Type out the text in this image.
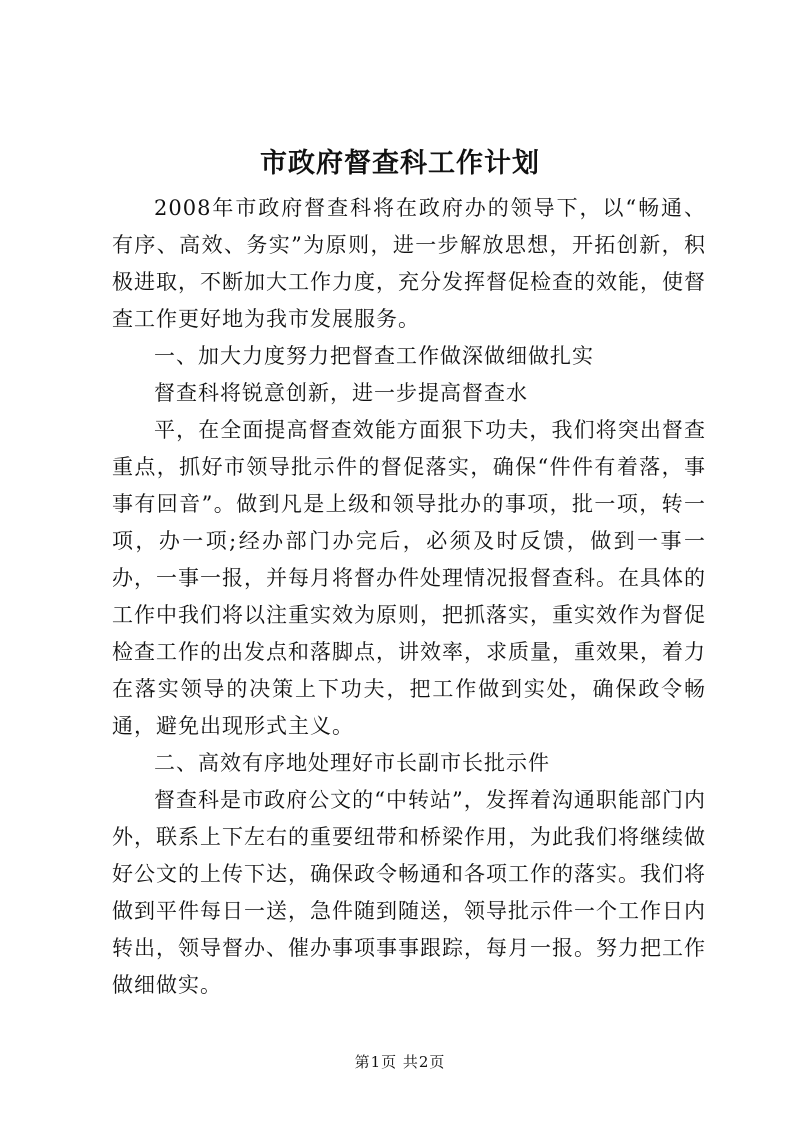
市政府督查科工作计划

2008年市政府督查科将在政府办的领导下，以“畅通、有序、高效、务实”为原则，进一步解放思想，开拓创新，积极进取，不断加大工作力度，充分发挥督促检查的效能，使督查工作更好地为我市发展服务。

一、加大力度努力把督查工作做深做细做扎实

督查科将锐意创新，进一步提高督查水

平，在全面提高督查效能方面狠下功夫，我们将突出督查重点，抓好市领导批示件的督促落实，确保“件件有着落，事事有回音”。做到凡是上级和领导批办的事项，批一项，转一项，办一项;经办部门办完后，必须及时反馈，做到一事一办，一事一报，并每月将督办件处理情况报督查科。在具体的工作中我们将以注重实效为原则，把抓落实，重实效作为督促检查工作的出发点和落脚点，讲效率，求质量，重效果，着力在落实领导的决策上下功夫，把工作做到实处，确保政令畅通，避免出现形式主义。

二、高效有序地处理好市长副市长批示件

督查科是市政府公文的“中转站”，发挥着沟通职能部门内外，联系上下左右的重要纽带和桥梁作用，为此我们将继续做好公文的上传下达，确保政令畅通和各项工作的落实。我们将做到平件每日一送，急件随到随送，领导批示件一个工作日内转出，领导督办、催办事项事事跟踪，每月一报。努力把工作做细做实。

第1页 共2页
